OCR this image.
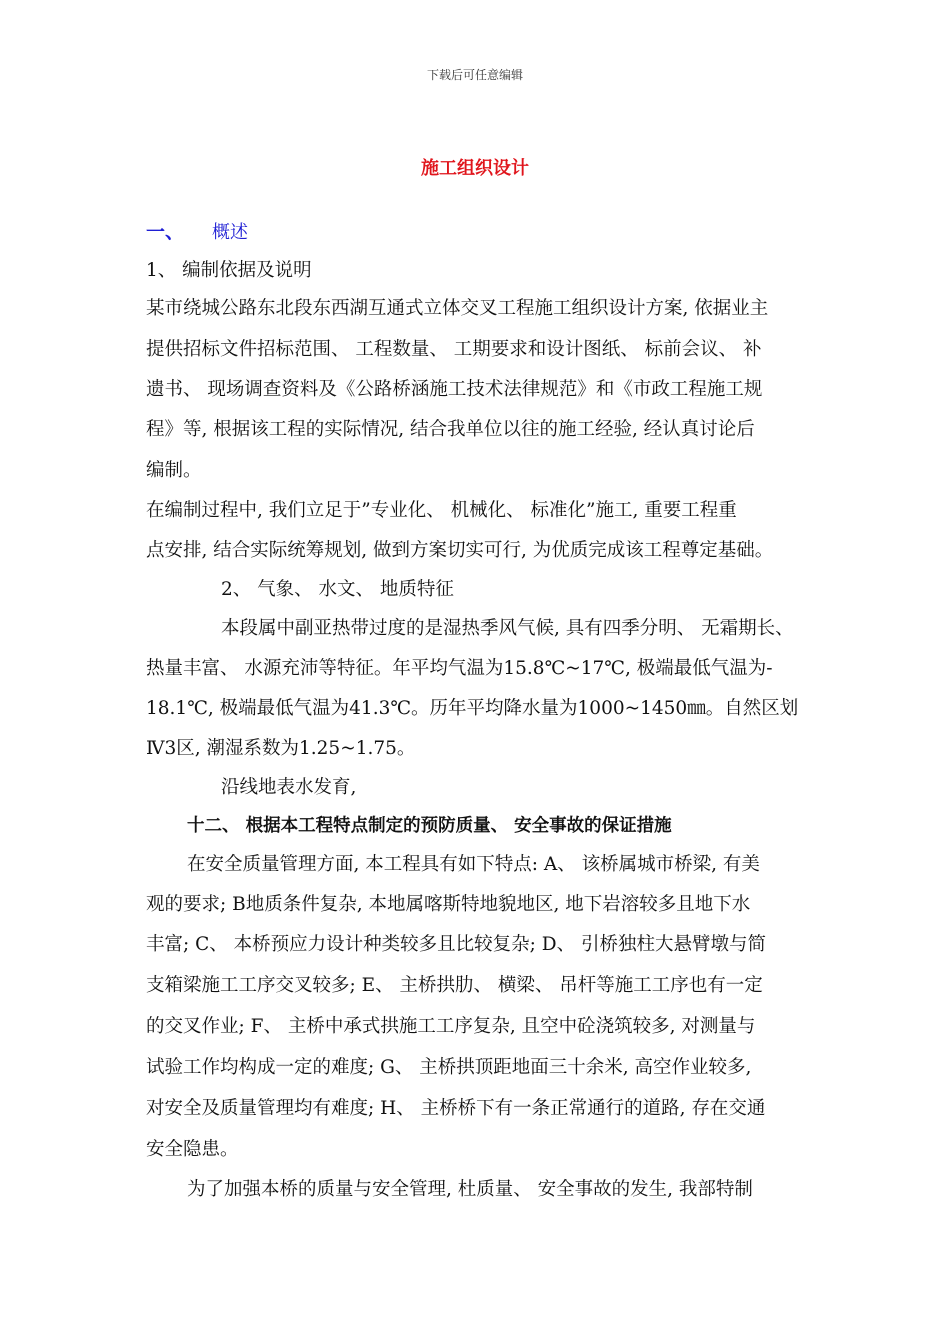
下载后可任意编辑
施工组织设计
一、 概述
1、 编制依据及说明
某市绕城公路东北段东西湖互通式立体交叉工程施工组织设计方案, 依据业主
提供招标文件招标范围、 工程数量、 工期要求和设计图纸、 标前会议、 补
遗书、 现场调查资料及《公路桥涵施工技术法律规范》和《市政工程施工规
程》等, 根据该工程的实际情况, 结合我单位以往的施工经验, 经认真讨论后
编制。
在编制过程中, 我们立足于”专业化、 机械化、 标准化”施工, 重要工程重
点安排, 结合实际统筹规划, 做到方案切实可行, 为优质完成该工程尊定基础。
2、 气象、 水文、 地质特征
本段属中副亚热带过度的是湿热季风气候, 具有四季分明、 无霜期长、
热量丰富、 水源充沛等特征。年平均气温为15.8℃~17℃, 极端最低气温为-
18.1℃, 极端最低气温为41.3℃。历年平均降水量为1000~1450㎜。自然区划
Ⅳ3区, 潮湿系数为1.25~1.75。
沿线地表水发育,
十二、 根据本工程特点制定的预防质量、 安全事故的保证措施
在安全质量管理方面, 本工程具有如下特点: A、 该桥属城市桥梁, 有美
观的要求; B地质条件复杂, 本地属喀斯特地貌地区, 地下岩溶较多且地下水
丰富; C、 本桥预应力设计种类较多且比较复杂; D、 引桥独柱大悬臂墩与简
支箱梁施工工序交叉较多; E、 主桥拱肋、 横梁、 吊杆等施工工序也有一定
的交叉作业; F、 主桥中承式拱施工工序复杂, 且空中砼浇筑较多, 对测量与
试验工作均构成一定的难度; G、 主桥拱顶距地面三十余米, 高空作业较多,
对安全及质量管理均有难度; H、 主桥桥下有一条正常通行的道路, 存在交通
安全隐患。
为了加强本桥的质量与安全管理, 杜质量、 安全事故的发生, 我部特制
